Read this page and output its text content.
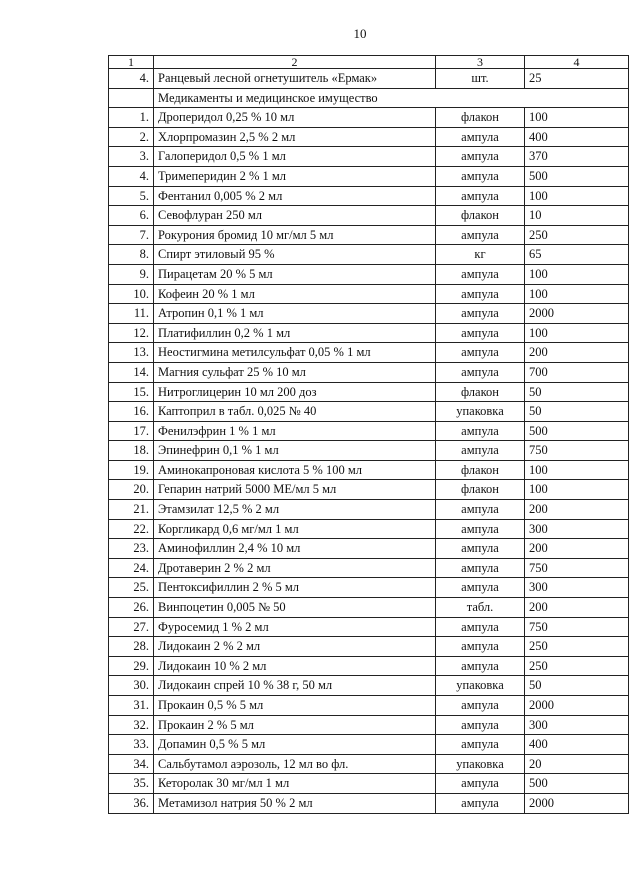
10
1	2	3	4
4.	Ранцевый лесной огнетушитель «Ермак»	шт.	25
	Медикаменты и медицинское имущество		
1.	Дроперидол 0,25 % 10 мл	флакон	100
2.	Хлорпромазин 2,5 % 2 мл	ампула	400
3.	Галоперидол 0,5 % 1 мл	ампула	370
4.	Тримеперидин 2 % 1 мл	ампула	500
5.	Фентанил 0,005 % 2 мл	ампула	100
6.	Севофлуран 250 мл	флакон	10
7.	Рокурония бромид 10 мг/мл 5 мл	ампула	250
8.	Спирт этиловый 95 %	кг	65
9.	Пирацетам 20 % 5 мл	ампула	100
10.	Кофеин 20 % 1 мл	ампула	100
11.	Атропин 0,1 % 1 мл	ампула	2000
12.	Платифиллин 0,2 % 1 мл	ампула	100
13.	Неостигмина метилсульфат 0,05 % 1 мл	ампула	200
14.	Магния сульфат 25 % 10 мл	ампула	700
15.	Нитроглицерин 10 мл 200 доз	флакон	50
16.	Каптоприл в табл. 0,025 № 40	упаковка	50
17.	Фенилэфрин 1 % 1 мл	ампула	500
18.	Эпинефрин 0,1 % 1 мл	ампула	750
19.	Аминокапроновая кислота 5 % 100 мл	флакон	100
20.	Гепарин натрий 5000 МЕ/мл 5 мл	флакон	100
21.	Этамзилат 12,5 % 2 мл	ампула	200
22.	Коргликард 0,6 мг/мл 1 мл	ампула	300
23.	Аминофиллин 2,4 % 10 мл	ампула	200
24.	Дротаверин 2 % 2 мл	ампула	750
25.	Пентоксифиллин 2 % 5 мл	ампула	300
26.	Винпоцетин 0,005 № 50	табл.	200
27.	Фуросемид 1 % 2 мл	ампула	750
28.	Лидокаин 2 % 2 мл	ампула	250
29.	Лидокаин 10 % 2 мл	ампула	250
30.	Лидокаин спрей 10 % 38 г, 50 мл	упаковка	50
31.	Прокаин 0,5 % 5 мл	ампула	2000
32.	Прокаин 2 % 5 мл	ампула	300
33.	Допамин 0,5 % 5 мл	ампула	400
34.	Сальбутамол аэрозоль, 12 мл во фл.	упаковка	20
35.	Кеторолак 30 мг/мл 1 мл	ампула	500
36.	Метамизол натрия 50 % 2 мл	ампула	2000
